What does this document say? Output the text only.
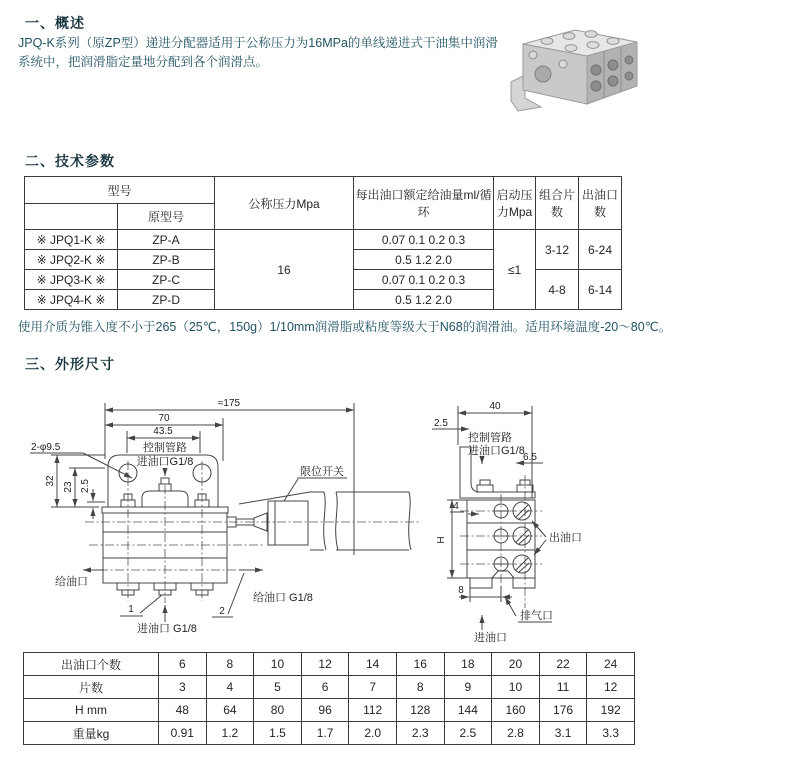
一、概述
JPQ-K系列（原ZP型）递进分配器适用于公称压力为16MPa的单线递进式干油集中润滑
系统中，把润滑脂定量地分配到各个润滑点。
二、技术参数
型号		公称压力Mpa	每出油口额定给油量ml/循环	启动压力Mpa	组合片数	出油口数
	原型号					
※ JPQ1-K ※	ZP-A	16	0.07 0.1 0.2 0.3	≤1	3-12	6-24
※ JPQ2-K ※	ZP-B		0.5 1.2 2.0			
※ JPQ3-K ※	ZP-C		0.07 0.1 0.2 0.3		4-8	6-14
※ JPQ4-K ※	ZP-D		0.5 1.2 2.0			
使用介质为锥入度不小于265（25℃，150g）1/10mm润滑脂或粘度等级大于N68的润滑油。适用环境温度-20～80℃。
三、外形尺寸
≈175
70
43.5
2-φ9.5
32
23 2.5
控制管路
进油口G1/8
限位开关
给油口
给油口 G1/8
进油口 G1/8
1	2
40
2.5
控制管路
进油口G1/8
6.5
4
H
8
出油口
排气口
进油口
出油口个数	6	8	10	12	14	16	18	20	22	24
片数	3	4	5	6	7	8	9	10	11	12
H mm	48	64	80	96	112	128	144	160	176	192
重量kg	0.91	1.2	1.5	1.7	2.0	2.3	2.5	2.8	3.1	3.3
